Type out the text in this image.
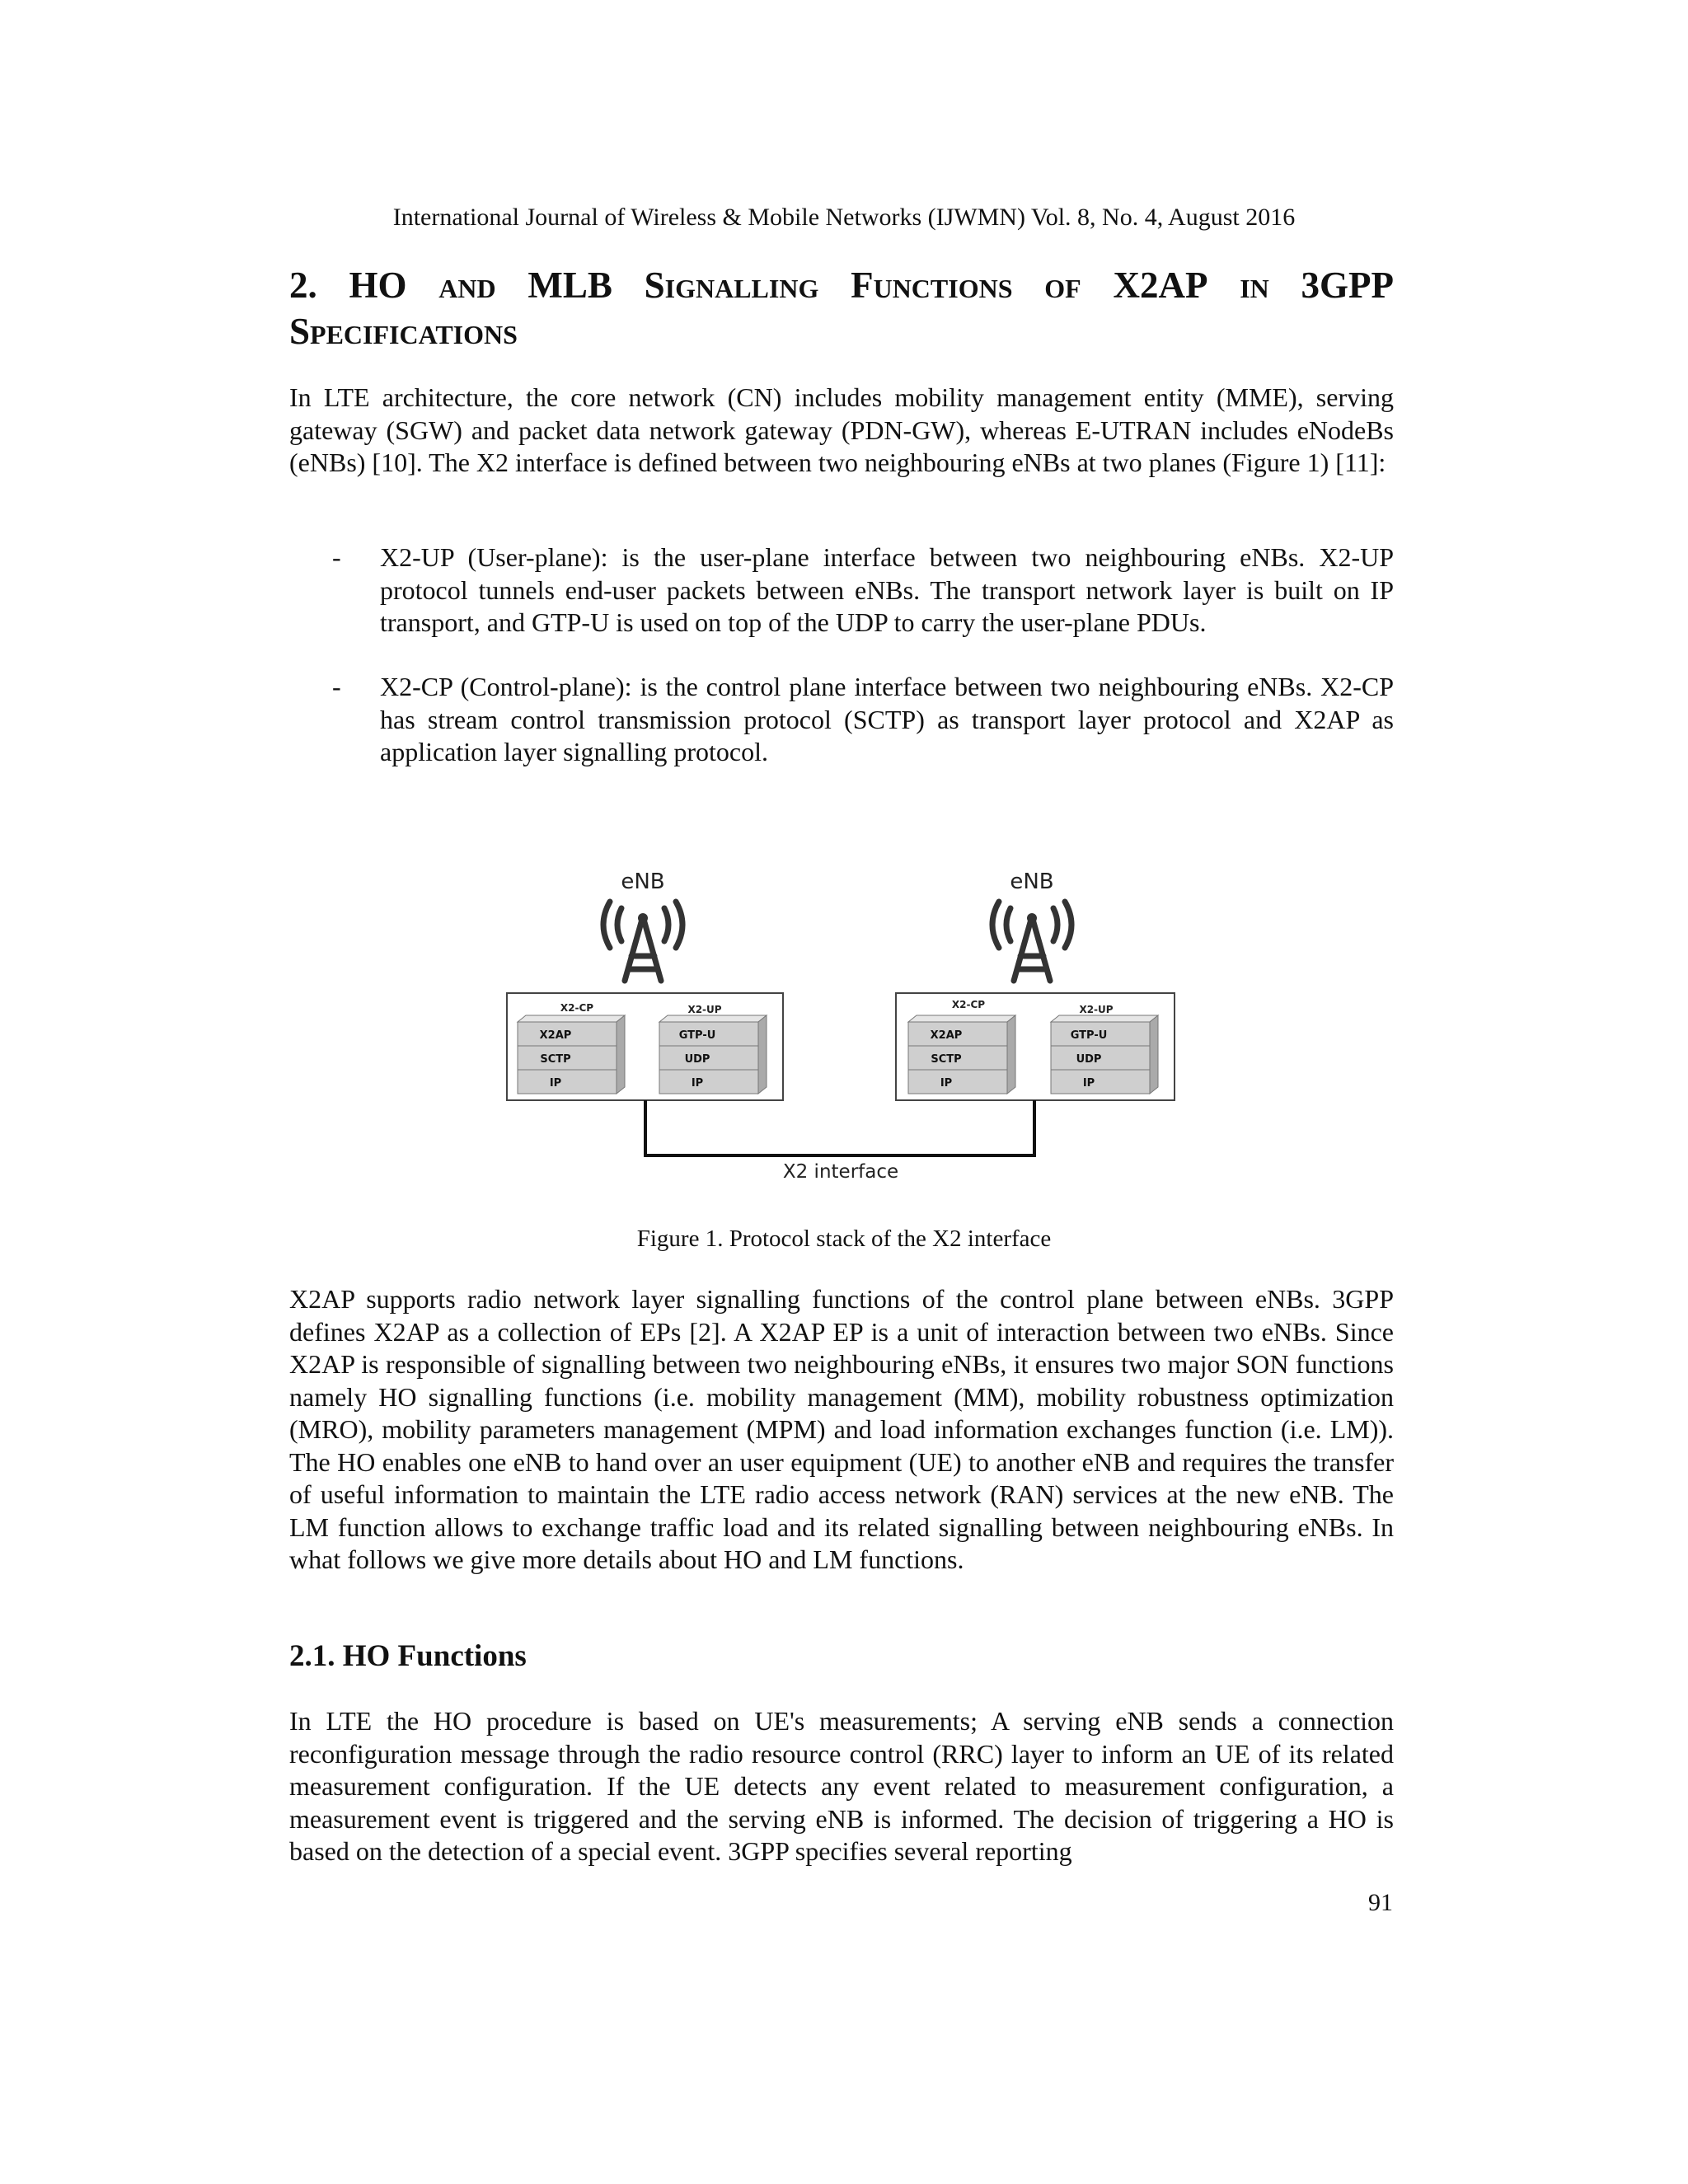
International Journal of Wireless & Mobile Networks (IJWMN) Vol. 8, No. 4, August 2016
2. HO and MLB Signalling Functions of X2AP in 3GPP
Specifications

In LTE architecture, the core network (CN) includes mobility management entity (MME), serving gateway (SGW) and packet data network gateway (PDN-GW), whereas E-UTRAN includes eNodeBs (eNBs) [10]. The X2 interface is defined between two neighbouring eNBs at two planes (Figure 1) [11]:

- X2-UP (User-plane): is the user-plane interface between two neighbouring eNBs. X2-UP protocol tunnels end-user packets between eNBs. The transport network layer is built on IP transport, and GTP-U is used on top of the UDP to carry the user-plane PDUs.
- X2-CP (Control-plane): is the control plane interface between two neighbouring eNBs. X2-CP has stream control transmission protocol (SCTP) as transport layer protocol and X2AP as application layer signalling protocol.
eNB
X2-CP	X2-UP
X2AP
SCTP
IP
GTP-U
UDP
IP
eNB
X2-CP	X2-UP
X2AP
SCTP
IP
GTP-U
UDP
IP
X2 interface
Figure 1. Protocol stack of the X2 interface

X2AP supports radio network layer signalling functions of the control plane between eNBs. 3GPP defines X2AP as a collection of EPs [2]. A X2AP EP is a unit of interaction between two eNBs. Since X2AP is responsible of signalling between two neighbouring eNBs, it ensures two major SON functions namely HO signalling functions (i.e. mobility management (MM), mobility robustness optimization (MRO), mobility parameters management (MPM) and load information exchanges function (i.e. LM)). The HO enables one eNB to hand over an user equipment (UE) to another eNB and requires the transfer of useful information to maintain the LTE radio access network (RAN) services at the new eNB. The LM function allows to exchange traffic load and its related signalling between neighbouring eNBs. In what follows we give more details about HO and LM functions.

2.1. HO Functions

In LTE the HO procedure is based on UE's measurements; A serving eNB sends a connection reconfiguration message through the radio resource control (RRC) layer to inform an UE of its related measurement configuration. If the UE detects any event related to measurement configuration, a measurement event is triggered and the serving eNB is informed. The decision of triggering a HO is based on the detection of a special event. 3GPP specifies several reporting

91
